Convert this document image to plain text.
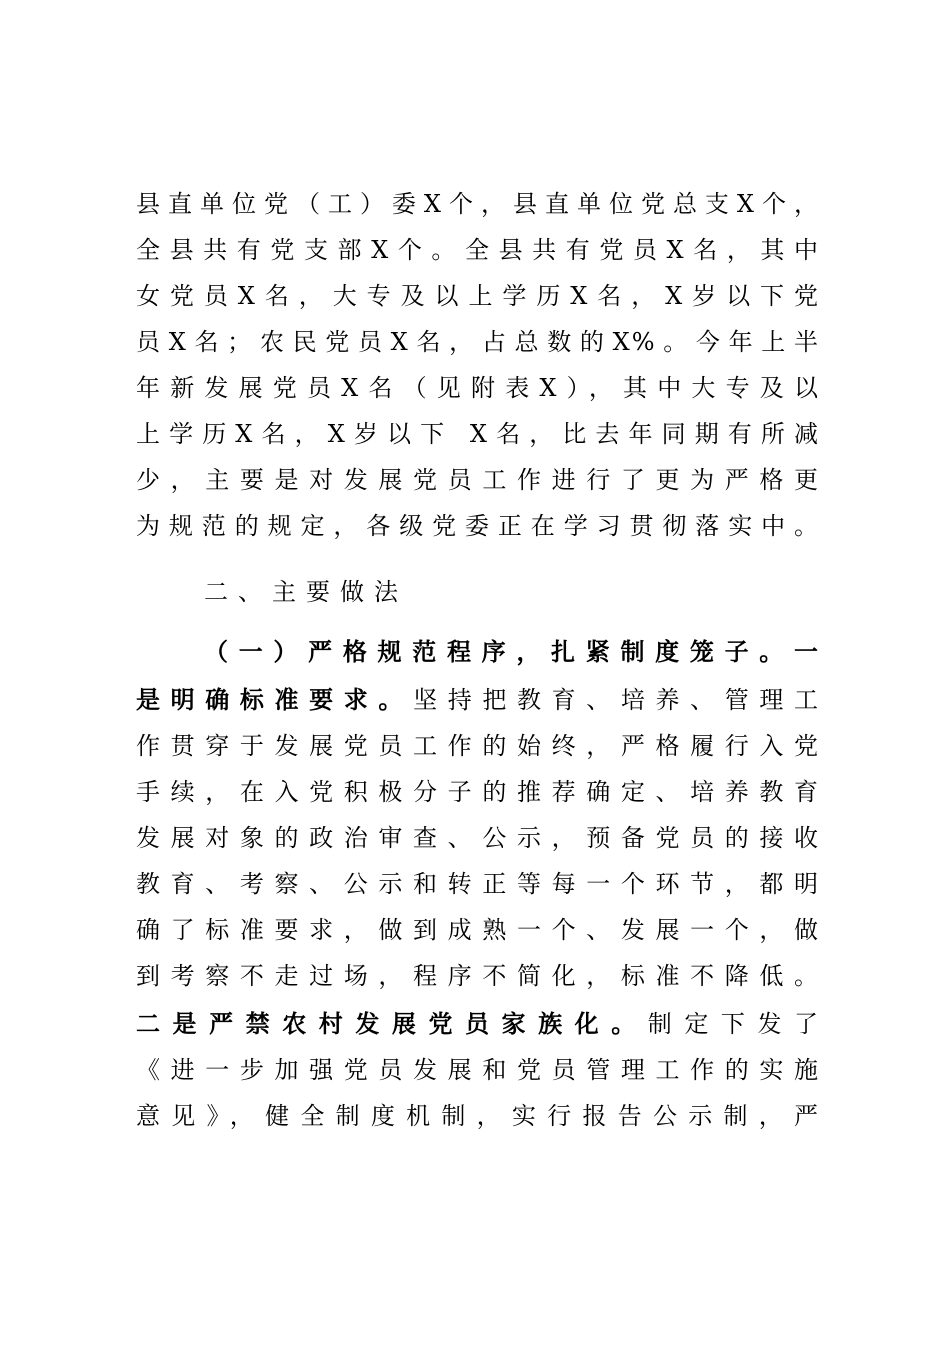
县直单位党（工）委X个，县直单位党总支X个，
全县共有党支部X个。全县共有党员X名，其中
女党员X名，大专及以上学历X名，X岁以下党
员X名；农民党员X名，占总数的X%。今年上半
年新发展党员X名（见附表X），其中大专及以
上学历X名，X岁以下 X名，比去年同期有所减
少，主要是对发展党员工作进行了更为严格更
为规范的规定，各级党委正在学习贯彻落实中。
二、主要做法
（一）严格规范程序，扎紧制度笼子。一
是明确标准要求。坚持把教育、培养、管理工
作贯穿于发展党员工作的始终，严格履行入党
手续，在入党积极分子的推荐确定、培养教育
发展对象的政治审查、公示，预备党员的接收
教育、考察、公示和转正等每一个环节，都明
确了标准要求，做到成熟一个、发展一个，做
到考察不走过场，程序不简化，标准不降低。
二是严禁农村发展党员家族化。制定下发了
《进一步加强党员发展和党员管理工作的实施
意见》，健全制度机制，实行报告公示制，严
